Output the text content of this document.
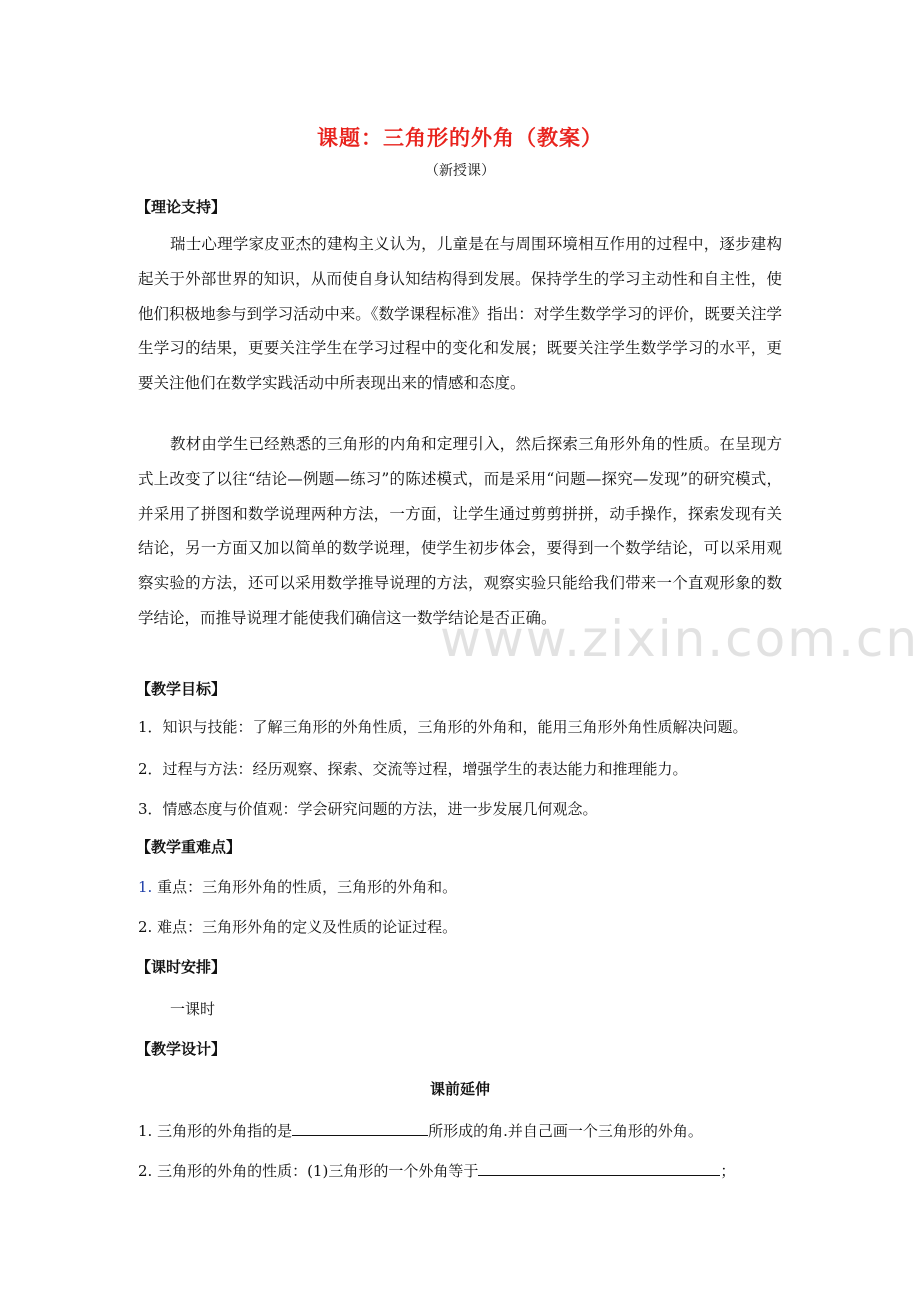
www.zixin.com.cn
课题：三角形的外角（教案）
（新授课）
【理论支持】

瑞士心理学家皮亚杰的建构主义认为，儿童是在与周围环境相互作用的过程中，逐步建构起关于外部世界的知识，从而使自身认知结构得到发展。保持学生的学习主动性和自主性，使他们积极地参与到学习活动中来。《数学课程标准》指出：对学生数学学习的评价，既要关注学生学习的结果，更要关注学生在学习过程中的变化和发展；既要关注学生数学学习的水平，更要关注他们在数学实践活动中所表现出来的情感和态度。

教材由学生已经熟悉的三角形的内角和定理引入，然后探索三角形外角的性质。在呈现方式上改变了以往“结论—例题—练习”的陈述模式，而是采用“问题—探究—发现”的研究模式，并采用了拼图和数学说理两种方法，一方面，让学生通过剪剪拼拼，动手操作，探索发现有关结论，另一方面又加以简单的数学说理，使学生初步体会，要得到一个数学结论，可以采用观察实验的方法，还可以采用数学推导说理的方法，观察实验只能给我们带来一个直观形象的数学结论，而推导说理才能使我们确信这一数学结论是否正确。

【教学目标】
1．知识与技能：了解三角形的外角性质，三角形的外角和，能用三角形外角性质解决问题。
2．过程与方法：经历观察、探索、交流等过程，增强学生的表达能力和推理能力。
3．情感态度与价值观：学会研究问题的方法，进一步发展几何观念。
【教学重难点】
1. 重点：三角形外角的性质，三角形的外角和。
2. 难点：三角形外角的定义及性质的论证过程。
【课时安排】
一课时
【教学设计】
课前延伸
1. 三角形的外角指的是	所形成的角.并自己画一个三角形的外角。
2. 三角形的外角的性质：(1)三角形的一个外角等于	；
